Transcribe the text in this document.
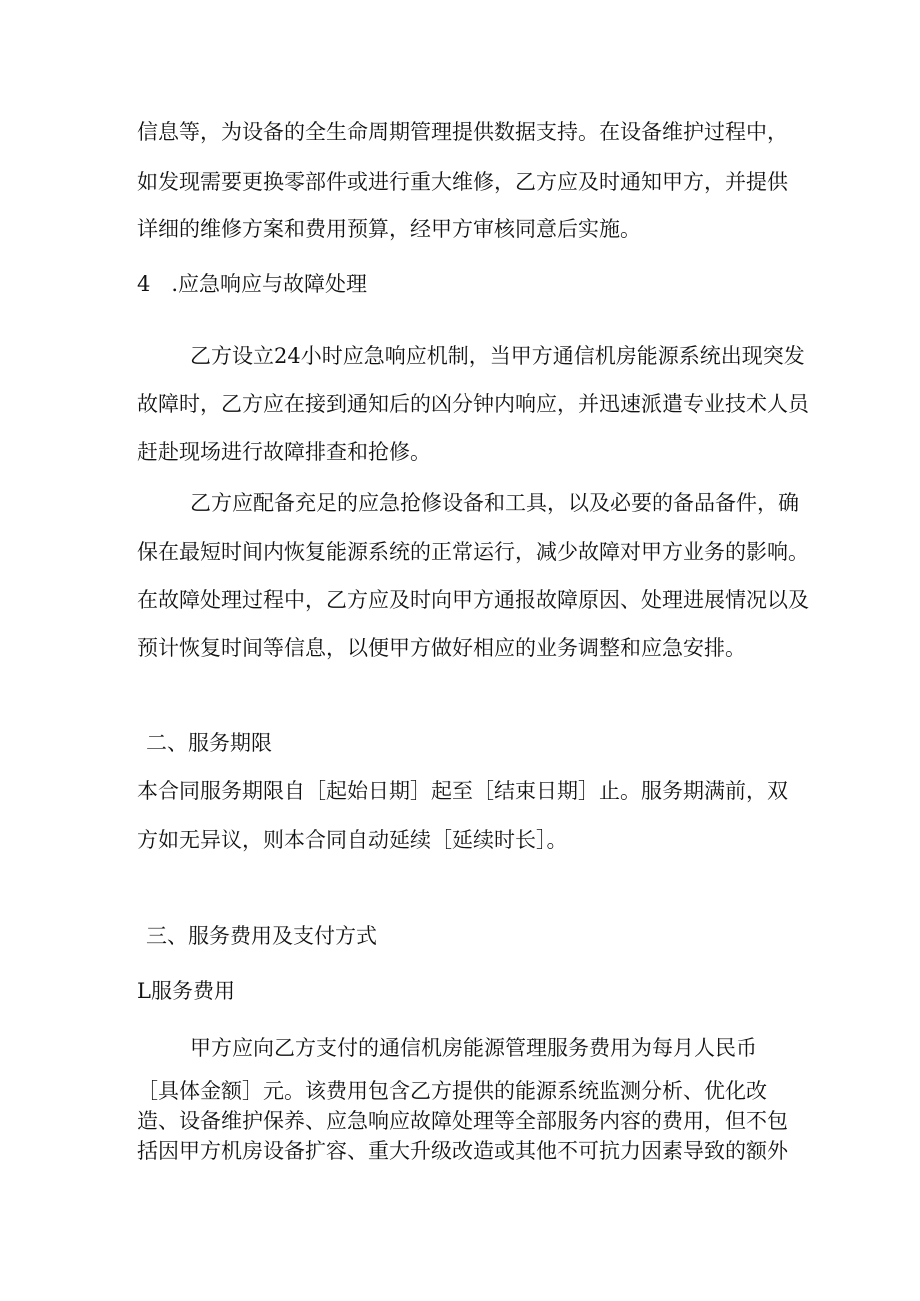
信息等，为设备的全生命周期管理提供数据支持。在设备维护过程中，

如发现需要更换零部件或进行重大维修，乙方应及时通知甲方，并提供

详细的维修方案和费用预算，经甲方审核同意后实施。

4　.应急响应与故障处理

乙方设立24小时应急响应机制，当甲方通信机房能源系统出现突发

故障时，乙方应在接到通知后的凶分钟内响应，并迅速派遣专业技术人员

赶赴现场进行故障排查和抢修。

乙方应配备充足的应急抢修设备和工具，以及必要的备品备件，确

保在最短时间内恢复能源系统的正常运行，减少故障对甲方业务的影响。

在故障处理过程中，乙方应及时向甲方通报故障原因、处理进展情况以及

预计恢复时间等信息，以便甲方做好相应的业务调整和应急安排。

二、服务期限

本合同服务期限自［起始日期］起至［结束日期］止。服务期满前，双

方如无异议，则本合同自动延续［延续时长］。

三、服务费用及支付方式

L服务费用

甲方应向乙方支付的通信机房能源管理服务费用为每月人民币

［具体金额］元。该费用包含乙方提供的能源系统监测分析、优化改

造、设备维护保养、应急响应故障处理等全部服务内容的费用，但不包

括因甲方机房设备扩容、重大升级改造或其他不可抗力因素导致的额外
